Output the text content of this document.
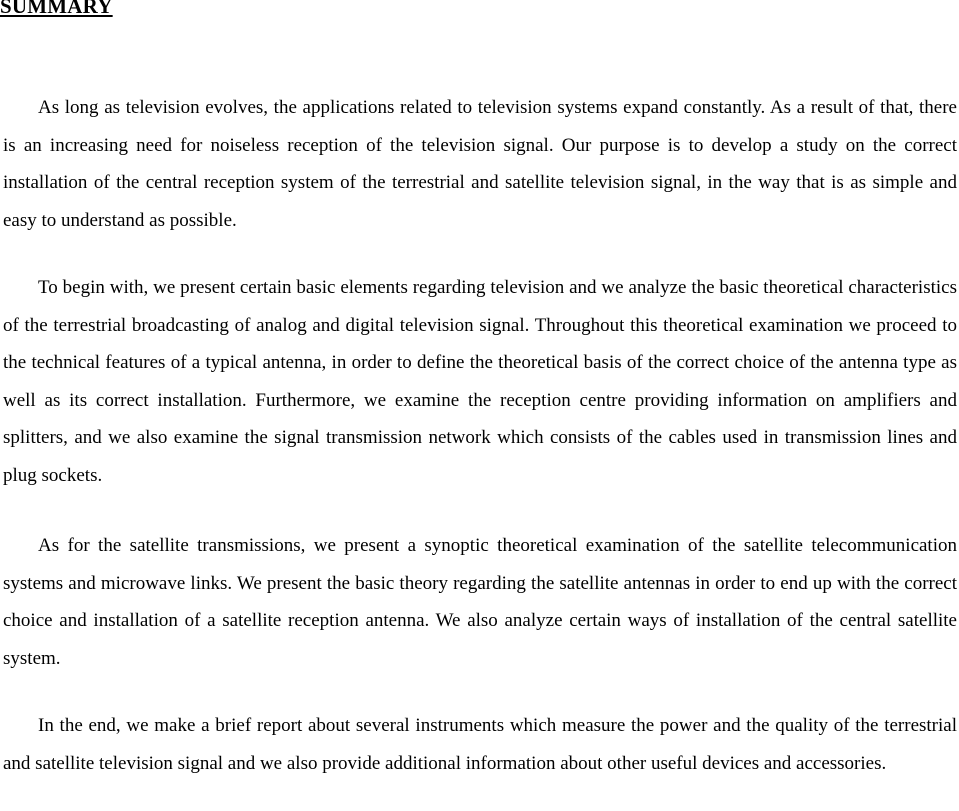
SUMMARY

As long as television evolves, the applications related to television systems expand constantly. As a result of that, there is an increasing need for noiseless reception of the television signal. Our purpose is to develop a study on the correct installation of the central reception system of the terrestrial and satellite television signal, in the way that is as simple and easy to understand as possible.

To begin with, we present certain basic elements regarding television and we analyze the basic theoretical characteristics of the terrestrial broadcasting of analog and digital television signal. Throughout this theoretical examination we proceed to the technical features of a typical antenna, in order to define the theoretical basis of the correct choice of the antenna type as well as its correct installation. Furthermore, we examine the reception centre providing information on amplifiers and splitters, and we also examine the signal transmission network which consists of the cables used in transmission lines and plug sockets.

As for the satellite transmissions, we present a synoptic theoretical examination of the satellite telecommunication systems and microwave links. We present the basic theory regarding the satellite antennas in order to end up with the correct choice and installation of a satellite reception antenna. We also analyze certain ways of installation of the central satellite system.

In the end, we make a brief report about several instruments which measure the power and the quality of the terrestrial and satellite television signal and we also provide additional information about other useful devices and accessories.
